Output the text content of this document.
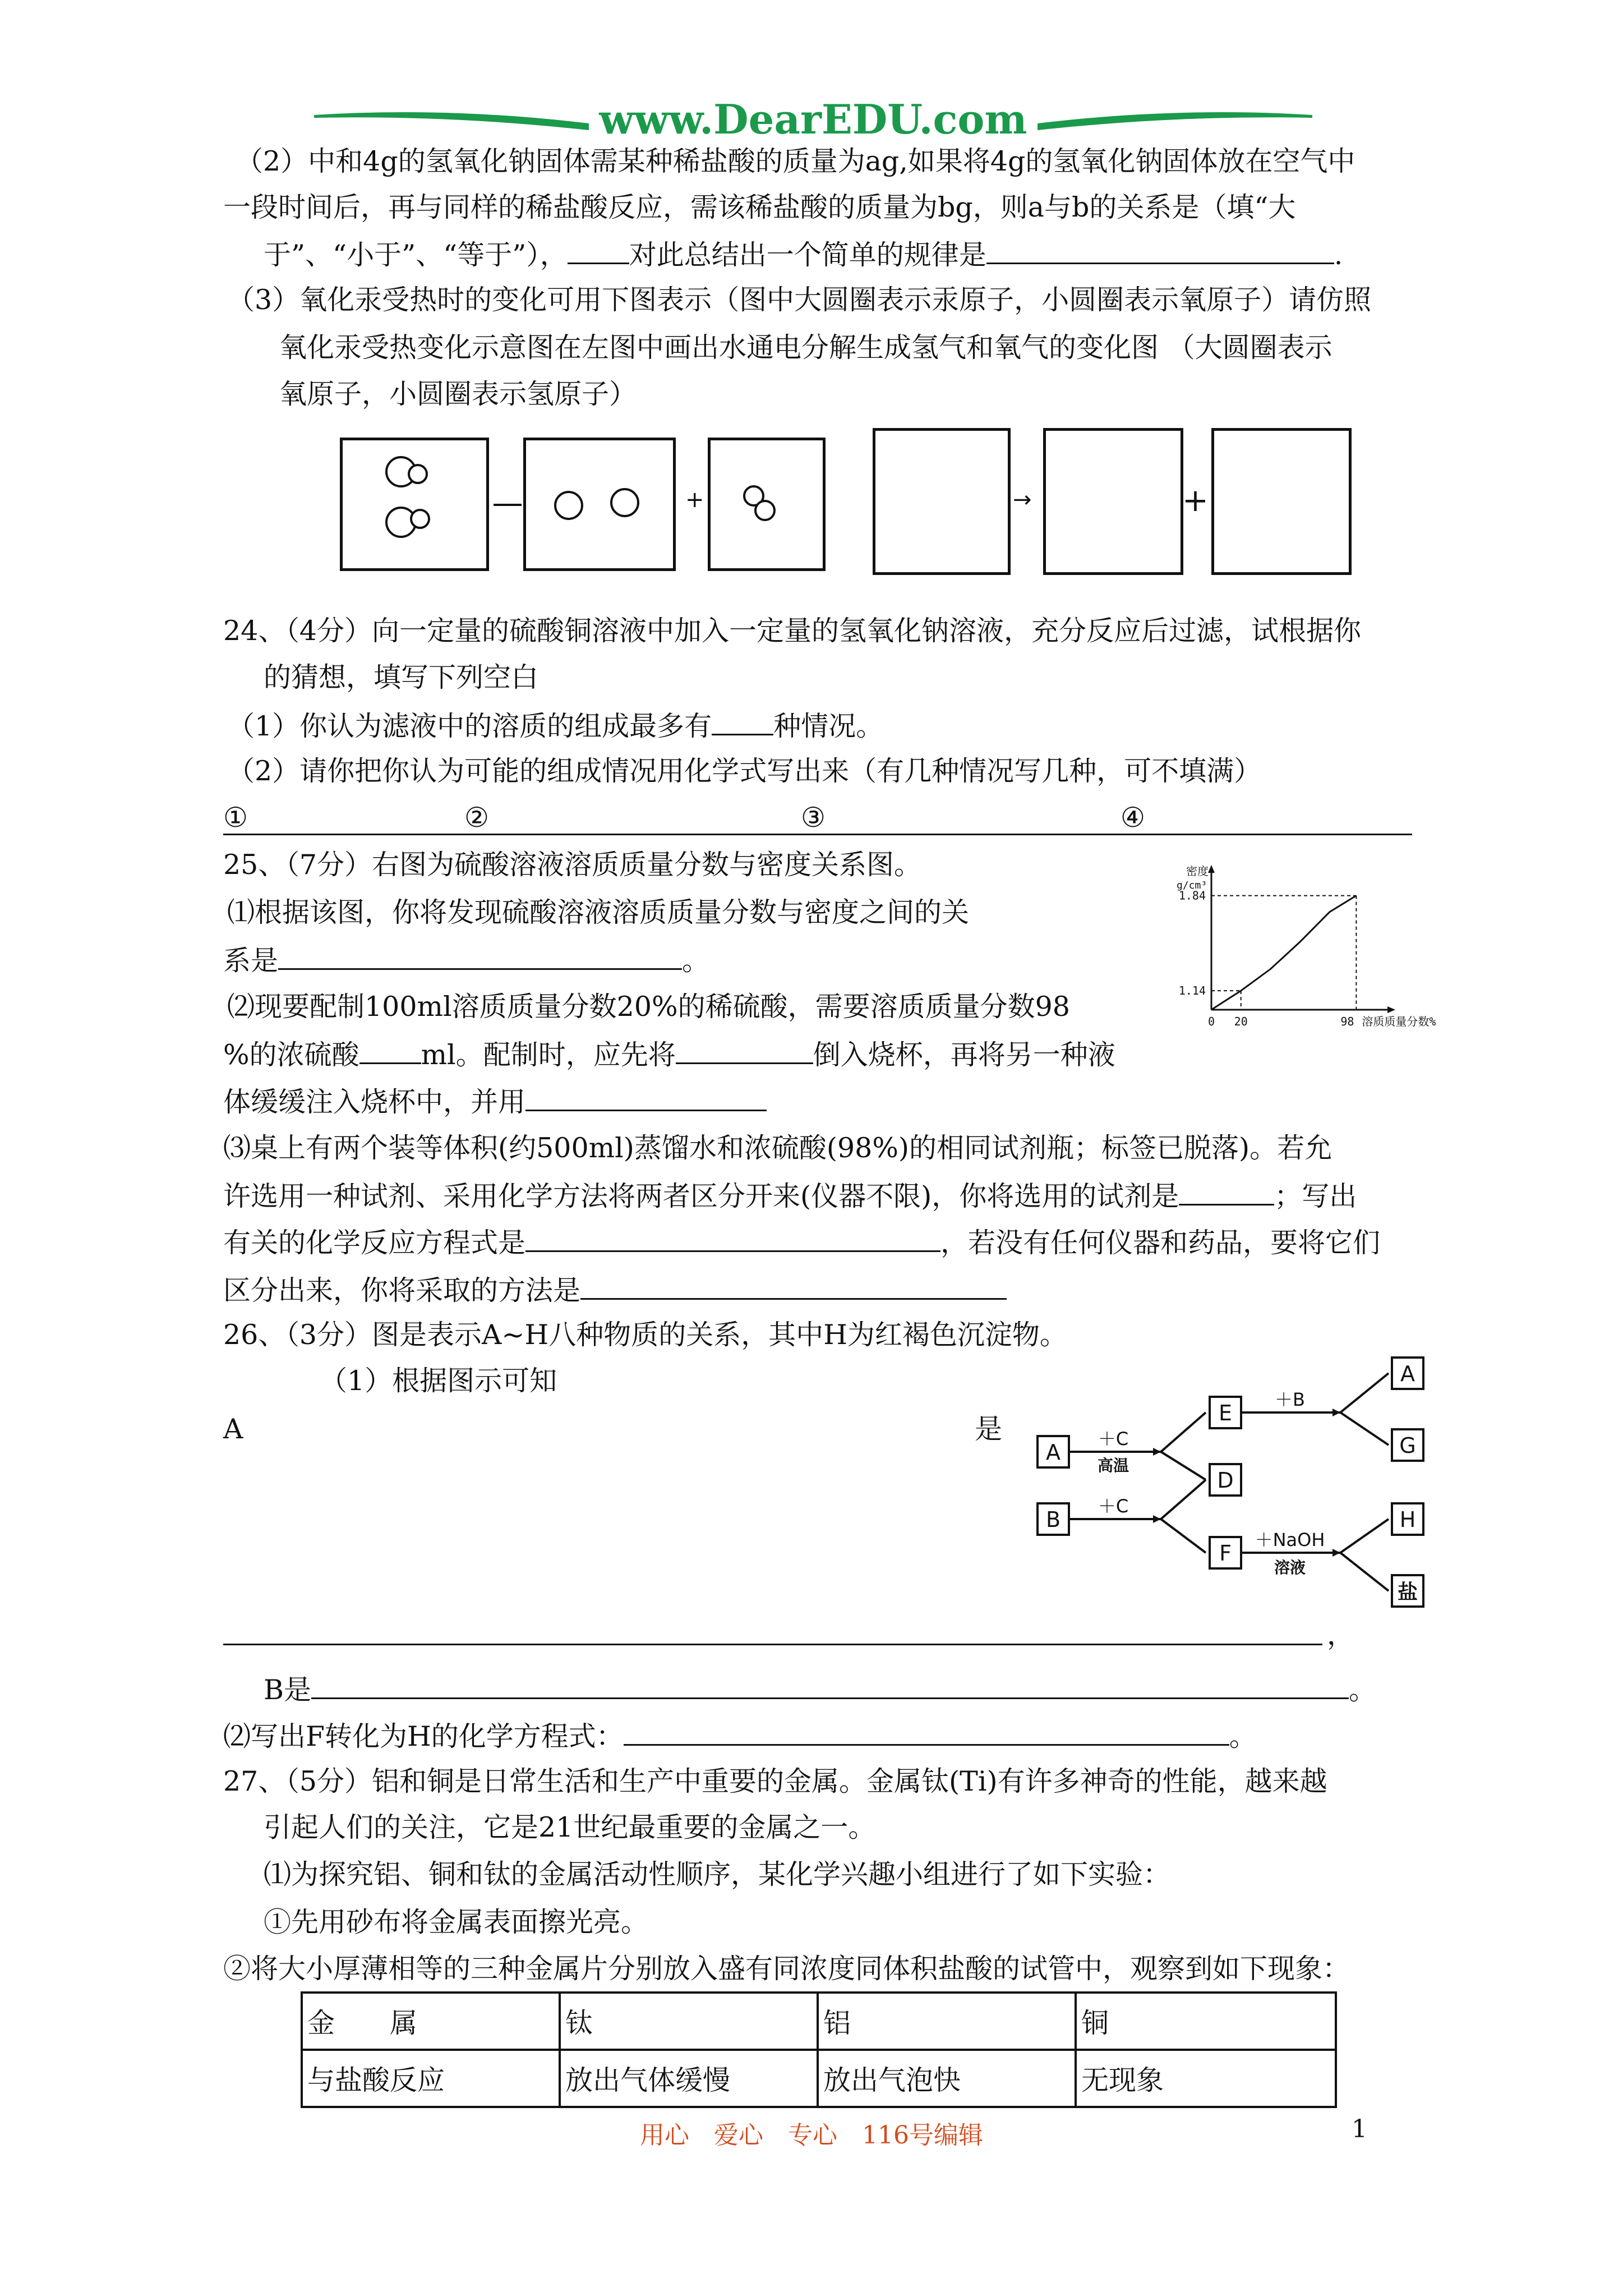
www.DearEDU.com
（2）中和4g的氢氧化钠固体需某种稀盐酸的质量为ag,如果将4g的氢氧化钠固体放在空气中
一段时间后，再与同样的稀盐酸反应，需该稀盐酸的质量为bg，则a与b的关系是（填“大
于”、“小于”、“等于”）， 对此总结出一个简单的规律是	.
（3）氧化汞受热时的变化可用下图表示（图中大圆圈表示汞原子，小圆圈表示氧原子）请仿照
氧化汞受热变化示意图在左图中画出水通电分解生成氢气和氧气的变化图 （大圆圈表示
氧原子，小圆圈表示氢原子）
+	→	+
24、（4分）向一定量的硫酸铜溶液中加入一定量的氢氧化钠溶液，充分反应后过滤，试根据你
的猜想，填写下列空白
（1）你认为滤液中的溶质的组成最多有 种情况。
（2）请你把你认为可能的组成情况用化学式写出来（有几种情况写几种，可不填满）
①	②	③	④
25、（7分）右图为硫酸溶液溶质质量分数与密度关系图。
⑴根据该图，你将发现硫酸溶液溶质质量分数与密度之间的关
系是	。
⑵现要配制100ml溶质质量分数20%的稀硫酸，需要溶质质量分数98
%的浓硫酸 ml。配制时，应先将	倒入烧杯，再将另一种液
体缓缓注入烧杯中，并用
密度
g/cm³
1.84
1.14
0 20	98 溶质质量分数%
⑶桌上有两个装等体积(约500ml)蒸馏水和浓硫酸(98%)的相同试剂瓶；标签已脱落)。若允
许选用一种试剂、采用化学方法将两者区分开来(仪器不限)，你将选用的试剂是	；写出
有关的化学反应方程式是	，若没有任何仪器和药品，要将它们
区分出来，你将采取的方法是
26、（3分）图是表示A~H八种物质的关系，其中H为红褐色沉淀物。
（1）根据图示可知
A	是
，
B是	。
⑵写出F转化为H的化学方程式：	。
A
B
E
D
F
A
G
H
盐
＋C
高温
＋C
＋B
＋NaOH
溶液
27、（5分）铝和铜是日常生活和生产中重要的金属。金属钛(Ti)有许多神奇的性能，越来越
引起人们的关注，它是21世纪最重要的金属之一。
⑴为探究铝、铜和钛的金属活动性顺序，某化学兴趣小组进行了如下实验：
①先用砂布将金属表面擦光亮。
②将大小厚薄相等的三种金属片分别放入盛有同浓度同体积盐酸的试管中，观察到如下现象：
金　　属	钛	铝	铜
与盐酸反应	放出气体缓慢	放出气泡快	无现象
用心　爱心　专心　116号编辑	1
